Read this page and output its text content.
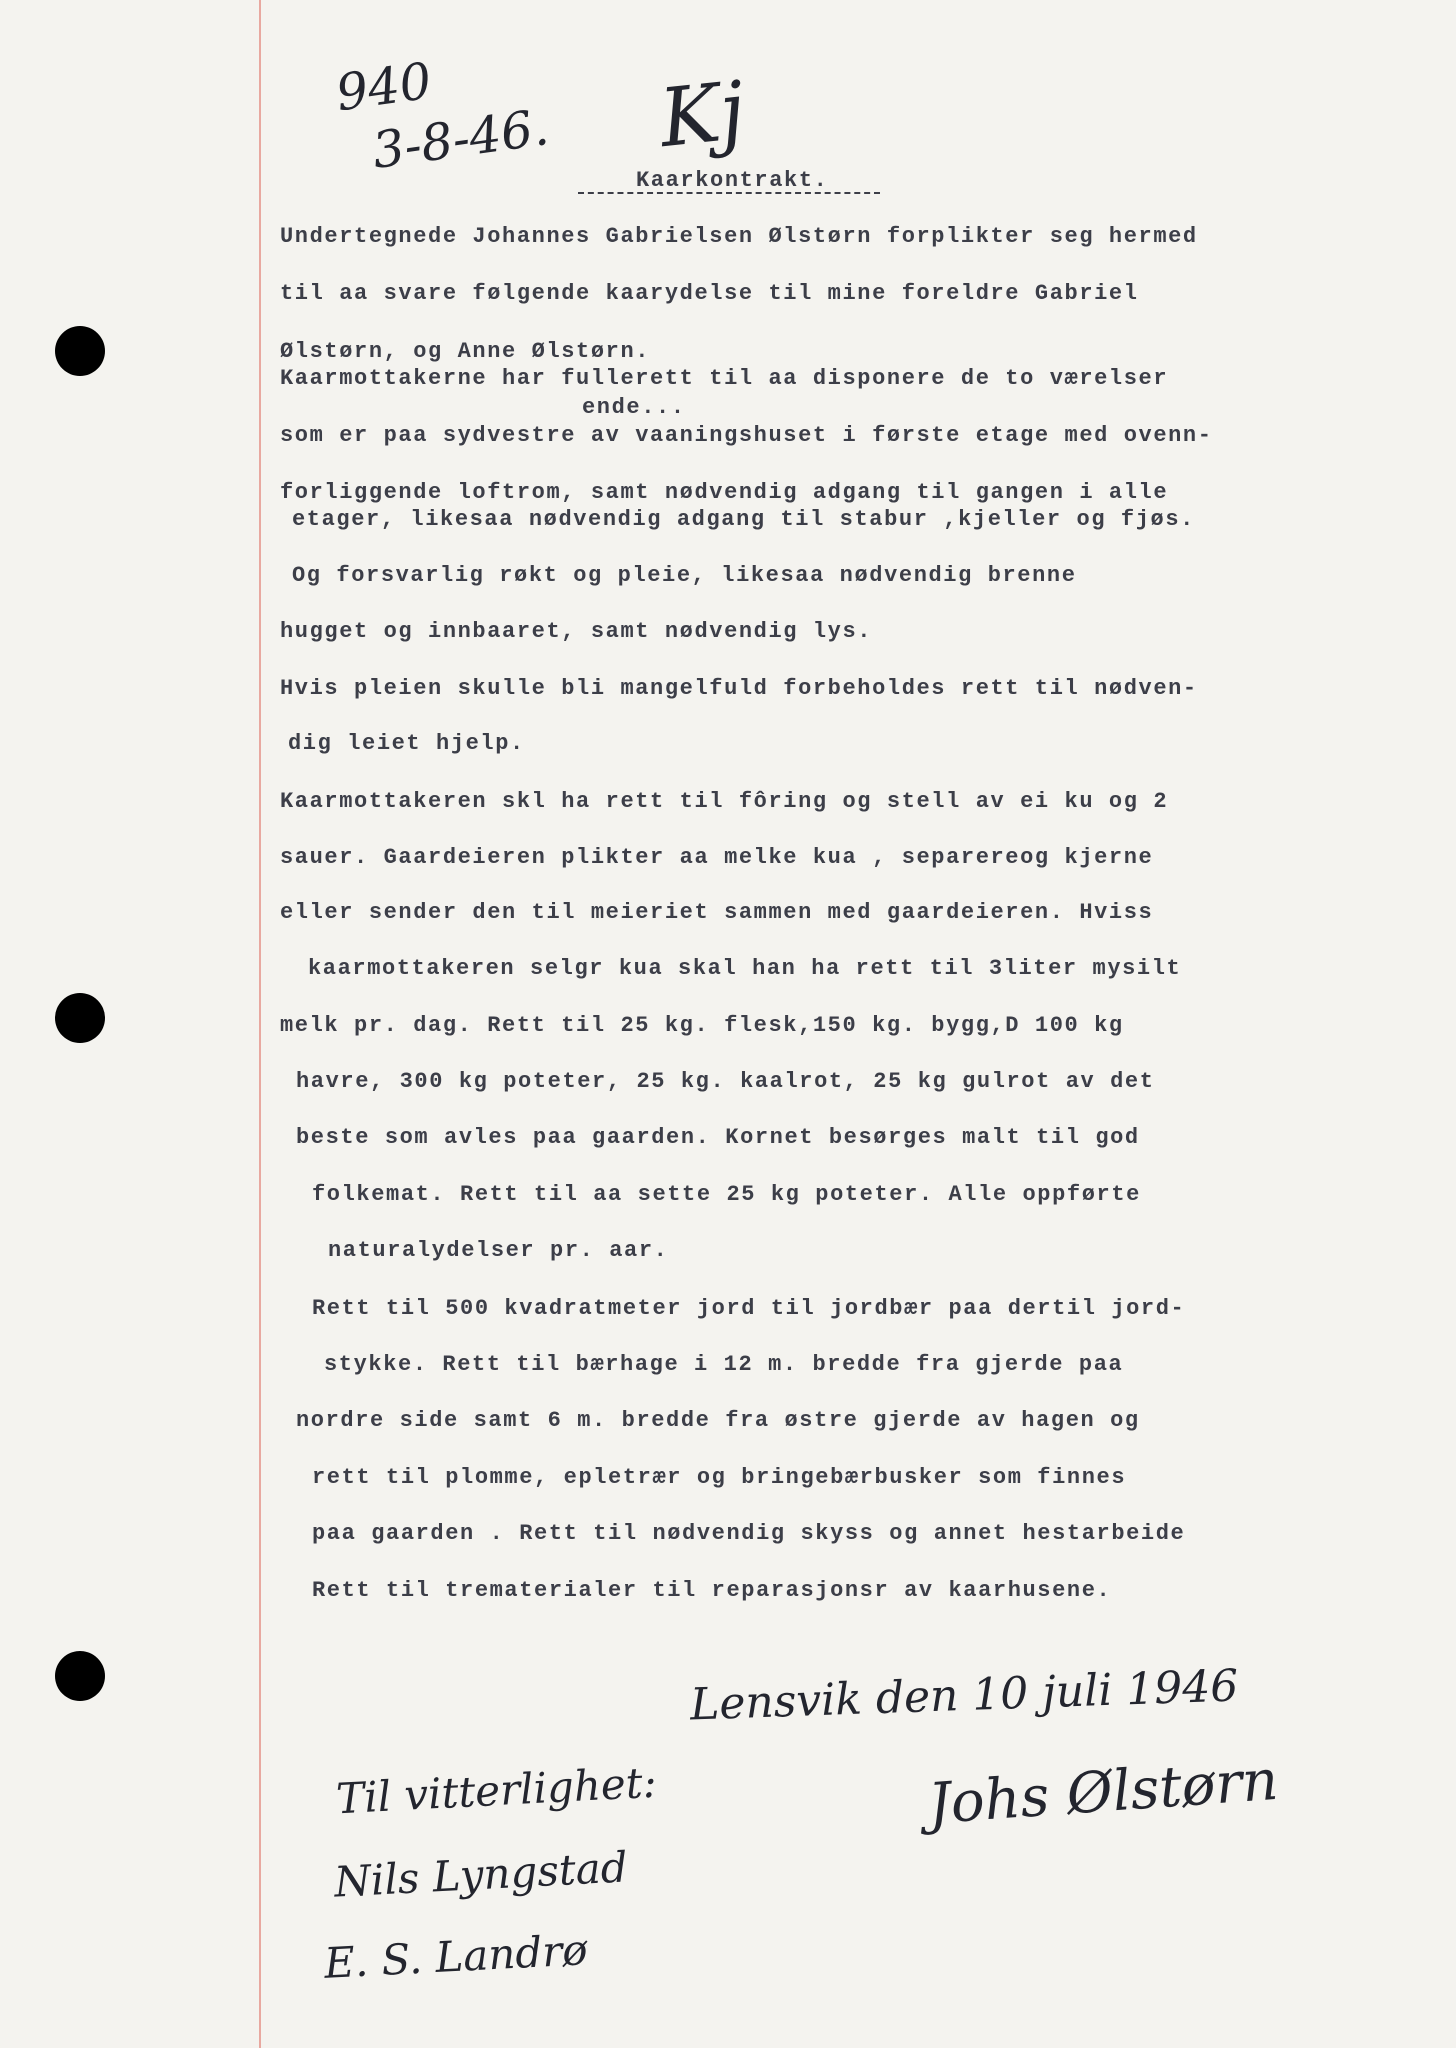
940
3-8-46. Kj
Kaarkontrakt.
Undertegnede Johannes Gabrielsen Ølstørn forplikter seg hermed
til aa svare følgende kaarydelse til mine foreldre Gabriel
Ølstørn, og Anne Ølstørn.
Kaarmottakerne har fullerett til aa disponere de to værelser
ende...
som er paa sydvestre av vaaningshuset i første etage med ovenn-
forliggende loftrom, samt nødvendig adgang til gangen i alle
etager, likesaa nødvendig adgang til stabur ,kjeller og fjøs.
Og forsvarlig røkt og pleie, likesaa nødvendig brenne
hugget og innbaaret, samt nødvendig lys.
Hvis pleien skulle bli mangelfuld forbeholdes rett til nødven-
dig leiet hjelp.
Kaarmottakeren skl ha rett til fôring og stell av ei ku og 2
sauer. Gaardeieren plikter aa melke kua , separereog kjerne
eller sender den til meieriet sammen med gaardeieren. Hviss
kaarmottakeren selgr kua skal han ha rett til 3liter mysilt
melk pr. dag. Rett til 25 kg. flesk,150 kg. bygg,D 100 kg
havre, 300 kg poteter, 25 kg. kaalrot, 25 kg gulrot av det
beste som avles paa gaarden. Kornet besørges malt til god
folkemat. Rett til aa sette 25 kg poteter. Alle oppførte
naturalydelser pr. aar.
Rett til 500 kvadratmeter jord til jordbær paa dertil jord-
stykke. Rett til bærhage i 12 m. bredde fra gjerde paa
nordre side samt 6 m. bredde fra østre gjerde av hagen og
rett til plomme, epletrær og bringebærbusker som finnes
paa gaarden . Rett til nødvendig skyss og annet hestarbeide
Rett til trematerialer til reparasjonsr av kaarhusene.
Lensvik den 10 juli 1946
Johs Ølstørn
Til vitterlighet:
Nils Lyngstad
E. S. Landrø
